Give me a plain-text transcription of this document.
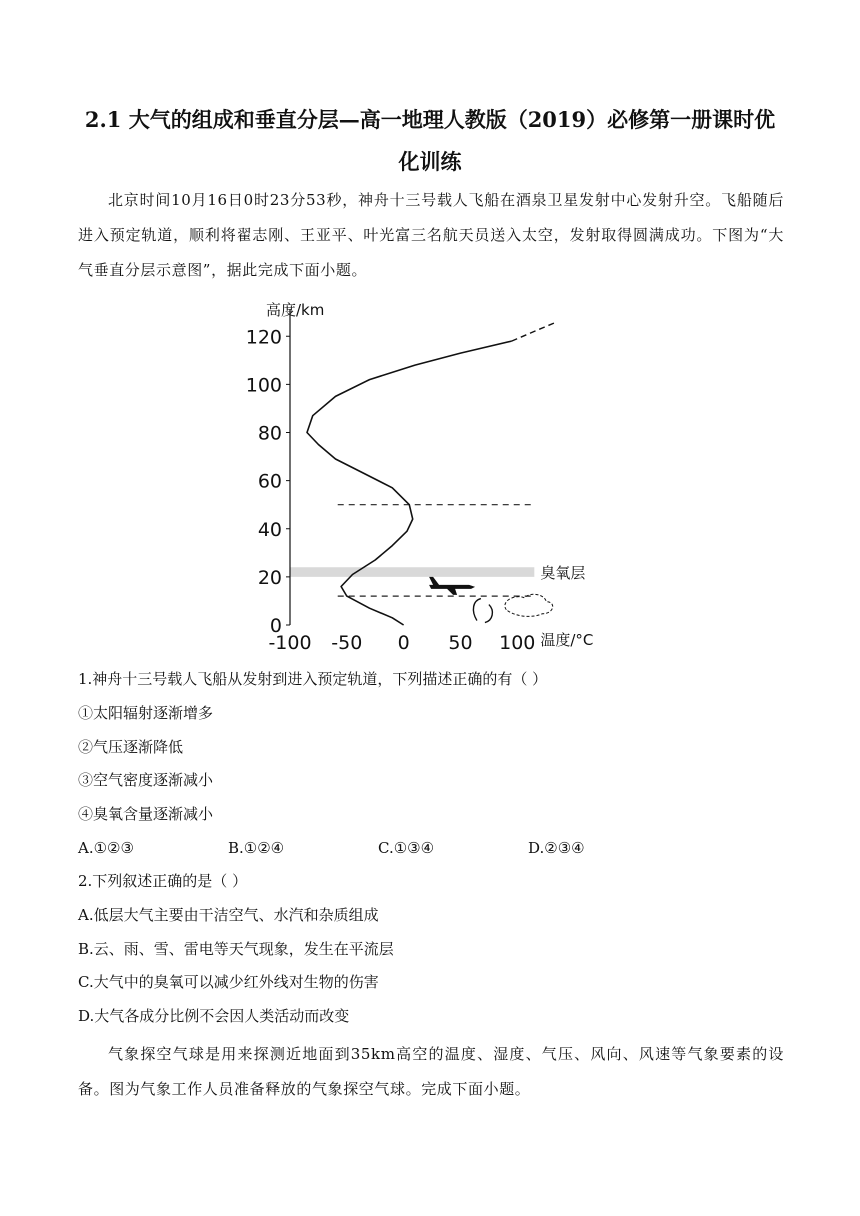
2.1 大气的组成和垂直分层—高一地理人教版（2019）必修第一册课时优
化训练
北京时间10月16日0时23分53秒，神舟十三号载人飞船在酒泉卫星发射中心发射升空。飞船随后进入预定轨道，顺利将翟志刚、王亚平、叶光富三名航天员送入太空，发射取得圆满成功。下图为“大气垂直分层示意图”，据此完成下面小题。
臭氧层
高度/km
0
20
40
60
80
100
120
-100 -50 0 50 100 温度/°C
1.神舟十三号载人飞船从发射到进入预定轨道，下列描述正确的有（ ）
①太阳辐射逐渐增多
②气压逐渐降低
③空气密度逐渐减小
④臭氧含量逐渐减小
A.①②③	B.①②④	C.①③④	D.②③④
2.下列叙述正确的是（ ）
A.低层大气主要由干洁空气、水汽和杂质组成
B.云、雨、雪、雷电等天气现象，发生在平流层
C.大气中的臭氧可以减少红外线对生物的伤害
D.大气各成分比例不会因人类活动而改变
气象探空气球是用来探测近地面到35km高空的温度、湿度、气压、风向、风速等气象要素的设备。图为气象工作人员准备释放的气象探空气球。完成下面小题。
